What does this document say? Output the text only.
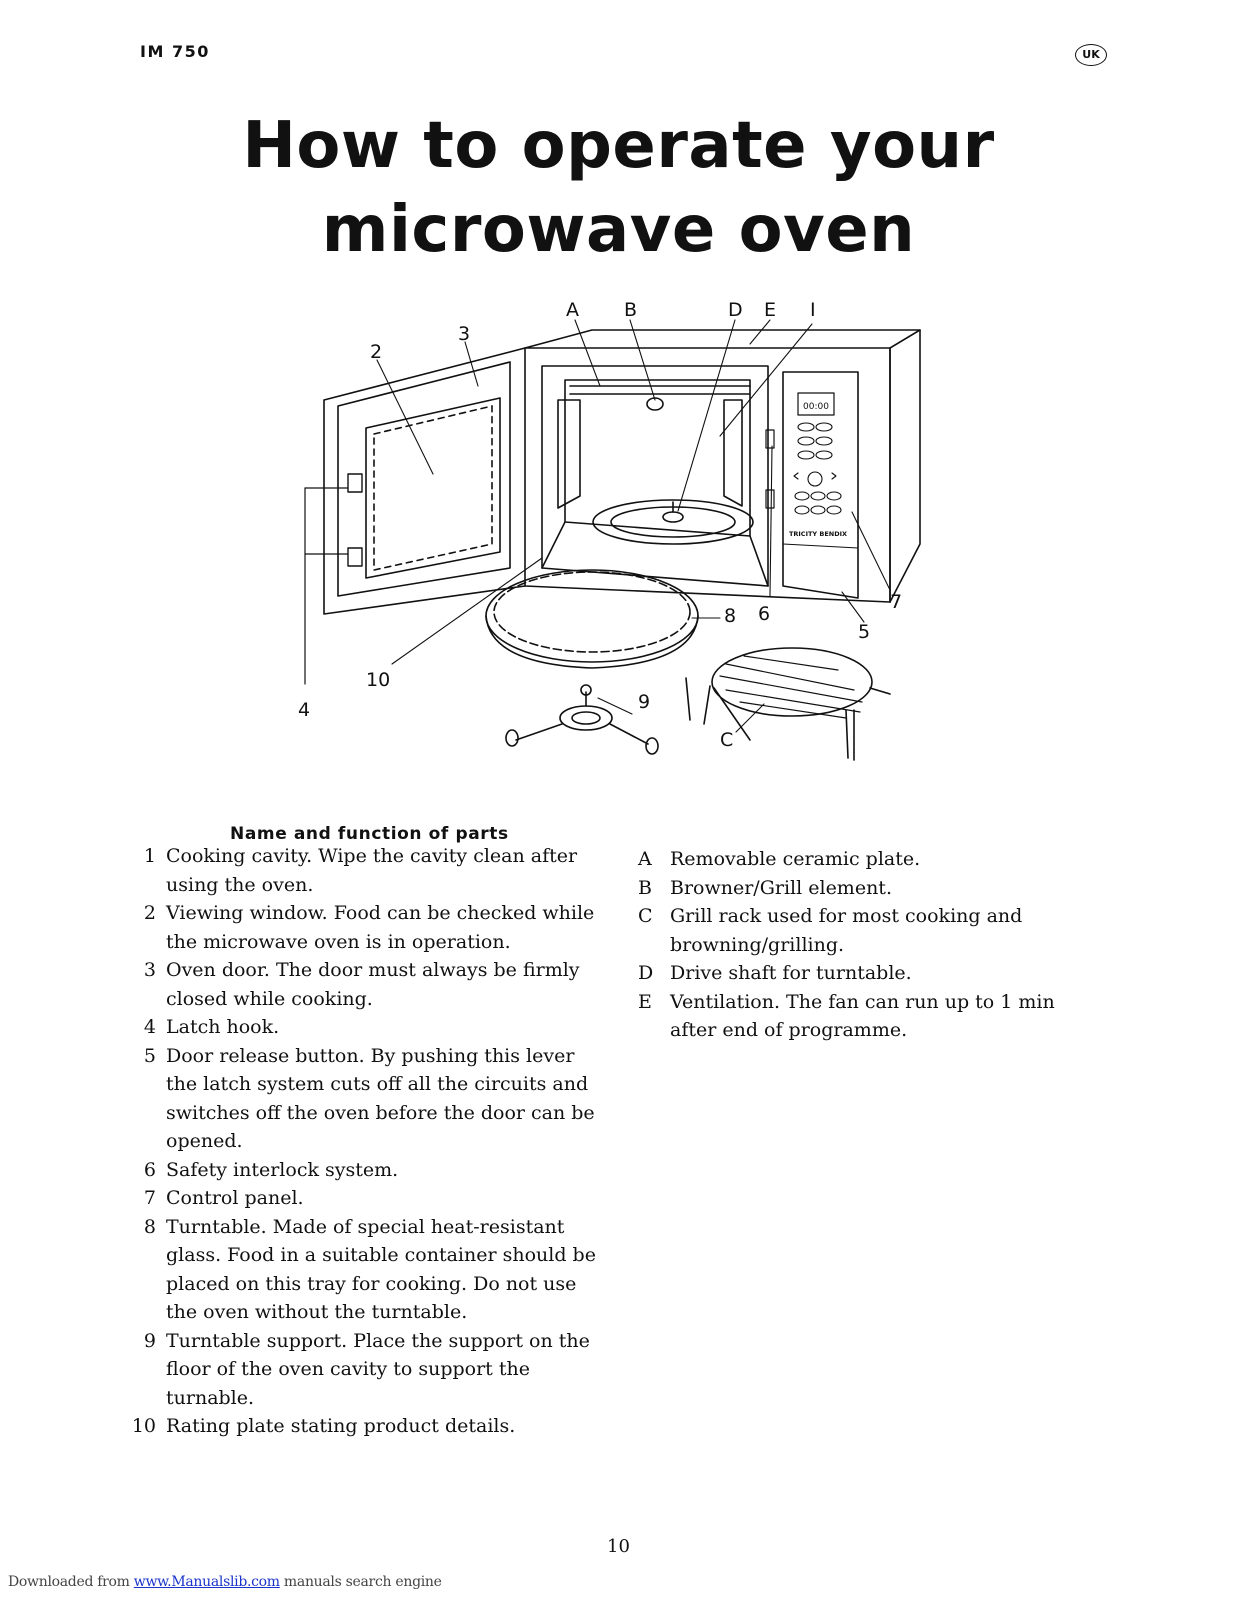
IM 750	UK
How to operate your
microwave oven
00:00
TRICITY BENDIX
A B	D E I
2
3
4
10
8 6
7
5
9
C
Name and function of parts
1 Cooking cavity. Wipe the cavity clean after using the oven.
2 Viewing window. Food can be checked while the microwave oven is in operation.
3 Oven door. The door must always be firmly closed while cooking.
4 Latch hook.
5 Door release button. By pushing this lever the latch system cuts off all the circuits and switches off the oven before the door can be opened.
6 Safety interlock system.
7 Control panel.
8 Turntable. Made of special heat-resistant glass. Food in a suitable container should be placed on this tray for cooking. Do not use the oven without the turntable.
9 Turntable support. Place the support on the floor of the oven cavity to support the turnable.
10 Rating plate stating product details.
A Removable ceramic plate.
B Browner/Grill element.
C Grill rack used for most cooking and browning/grilling.
D Drive shaft for turntable.
E Ventilation. The fan can run up to 1 min after end of programme.
10
Downloaded from www.Manualslib.com manuals search engine
